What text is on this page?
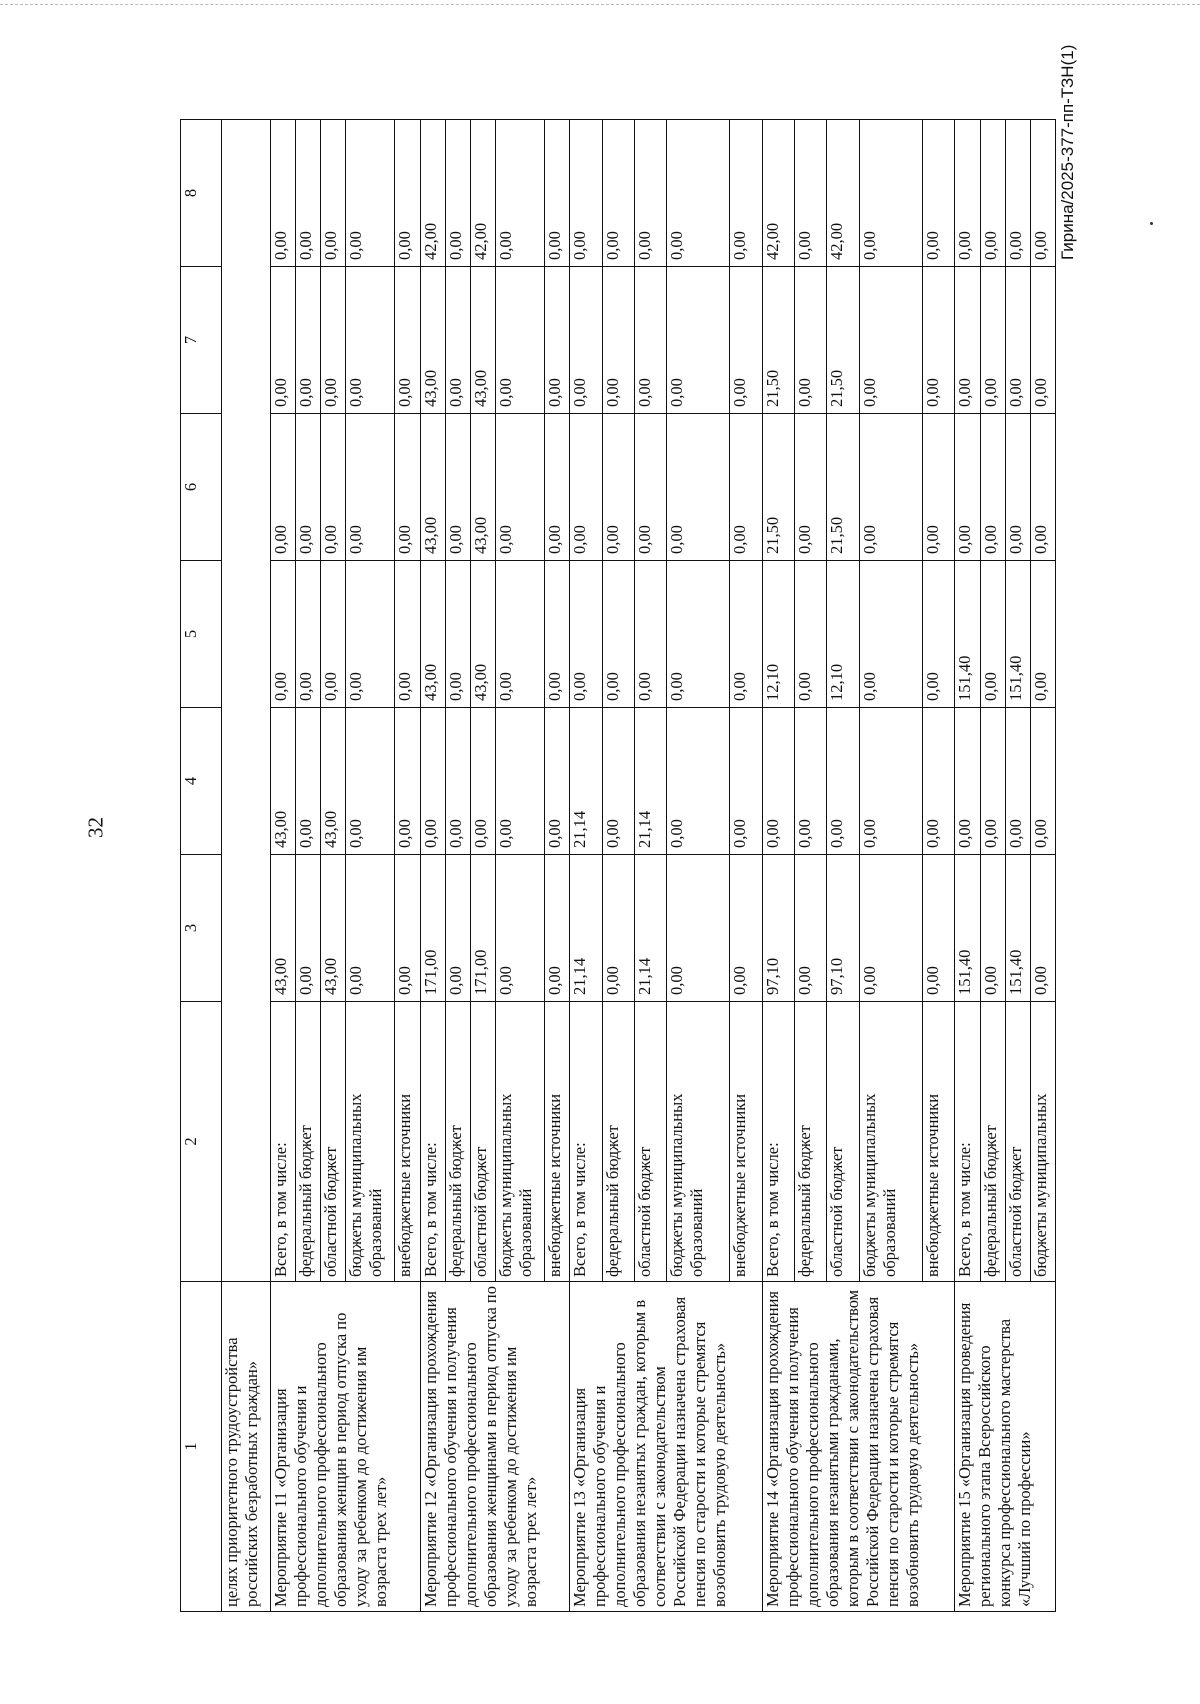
32
1	2	3	4	5	6	7	8
целях приоритетного трудоустройства российских безработных граждан»							
Мероприятие 11 «Организация профессионального обучения и дополнительного профессионального образования женщин в период отпуска по уходу за ребенком до достижения им возраста трех лет»	Всего, в том числе:	43,00	43,00	0,00	0,00	0,00	0,00
	федеральный бюджет	0,00	0,00	0,00	0,00	0,00	0,00
	областной бюджет	43,00	43,00	0,00	0,00	0,00	0,00
	бюджеты муниципальных образований	0,00	0,00	0,00	0,00	0,00	0,00
	внебюджетные источники	0,00	0,00	0,00	0,00	0,00	0,00
Мероприятие 12 «Организация прохождения профессионального обучения и получения дополнительного профессионального образования женщинами в период отпуска по уходу за ребенком до достижения им возраста трех лет»	Всего, в том числе:	171,00	0,00	43,00	43,00	43,00	42,00
	федеральный бюджет	0,00	0,00	0,00	0,00	0,00	0,00
	областной бюджет	171,00	0,00	43,00	43,00	43,00	42,00
	бюджеты муниципальных образований	0,00	0,00	0,00	0,00	0,00	0,00
	внебюджетные источники	0,00	0,00	0,00	0,00	0,00	0,00
Мероприятие 13 «Организация профессионального обучения и дополнительного профессионального образования незанятых граждан, которым в соответствии с законодательством Российской Федерации назначена страховая пенсия по старости и которые стремятся возобновить трудовую деятельность»	Всего, в том числе:	21,14	21,14	0,00	0,00	0,00	0,00
	федеральный бюджет	0,00	0,00	0,00	0,00	0,00	0,00
	областной бюджет	21,14	21,14	0,00	0,00	0,00	0,00
	бюджеты муниципальных образований	0,00	0,00	0,00	0,00	0,00	0,00
	внебюджетные источники	0,00	0,00	0,00	0,00	0,00	0,00
Мероприятие 14 «Организация прохождения профессионального обучения и получения дополнительного профессионального образования незанятыми гражданами, которым в соответствии с законодательством Российской Федерации назначена страховая пенсия по старости и которые стремятся возобновить трудовую деятельность»	Всего, в том числе:	97,10	0,00	12,10	21,50	21,50	42,00
	федеральный бюджет	0,00	0,00	0,00	0,00	0,00	0,00
	областной бюджет	97,10	0,00	12,10	21,50	21,50	42,00
	бюджеты муниципальных образований	0,00	0,00	0,00	0,00	0,00	0,00
	внебюджетные источники	0,00	0,00	0,00	0,00	0,00	0,00
Мероприятие 15 «Организация проведения регионального этапа Всероссийского конкурса профессионального мастерства «Лучший по профессии»	Всего, в том числе:	151,40	0,00	151,40	0,00	0,00	0,00
	федеральный бюджет	0,00	0,00	0,00	0,00	0,00	0,00
	областной бюджет	151,40	0,00	151,40	0,00	0,00	0,00
	бюджеты муниципальных	0,00	0,00	0,00	0,00	0,00	0,00 Гирина/2025-377-пп-ТЗН(1)
